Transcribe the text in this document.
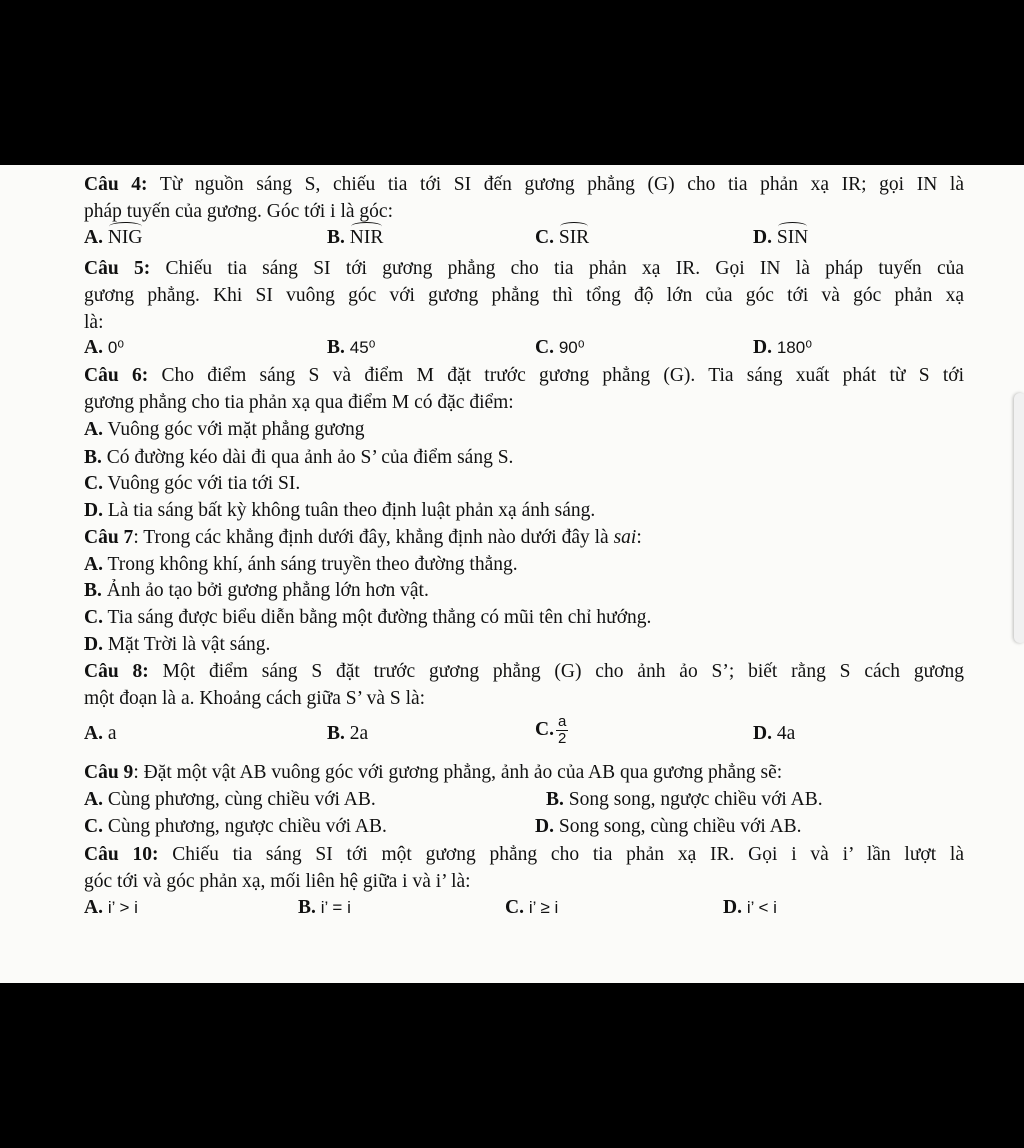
Câu 4: Từ nguồn sáng S, chiếu tia tới SI đến gương phẳng (G) cho tia phản xạ IR; gọi IN là
pháp tuyến của gương. Góc tới i là góc:
A. NIG	B. NIR	C. SIR	D. SIN
Câu 5: Chiếu tia sáng SI tới gương phẳng cho tia phản xạ IR. Gọi IN là pháp tuyến của
gương phẳng. Khi SI vuông góc với gương phẳng thì tổng độ lớn của góc tới và góc phản xạ
là:
A. 0⁰	B. 45⁰	C. 90⁰	D. 180⁰
Câu 6: Cho điểm sáng S và điểm M đặt trước gương phẳng (G). Tia sáng xuất phát từ S tới
gương phẳng cho tia phản xạ qua điểm M có đặc điểm:
A. Vuông góc với mặt phẳng gương
B. Có đường kéo dài đi qua ảnh ảo S’ của điểm sáng S.
C. Vuông góc với tia tới SI.
D. Là tia sáng bất kỳ không tuân theo định luật phản xạ ánh sáng.
Câu 7: Trong các khẳng định dưới đây, khẳng định nào dưới đây là sai:
A. Trong không khí, ánh sáng truyền theo đường thẳng.
B. Ảnh ảo tạo bởi gương phẳng lớn hơn vật.
C. Tia sáng được biểu diễn bằng một đường thẳng có mũi tên chỉ hướng.
D. Mặt Trời là vật sáng.
Câu 8: Một điểm sáng S đặt trước gương phẳng (G) cho ảnh ảo S’; biết rằng S cách gương
một đoạn là a. Khoảng cách giữa S’ và S là:
A. a	B. 2a	C. $\frac{a}{2}$	D. 4a
Câu 9: Đặt một vật AB vuông góc với gương phẳng, ảnh ảo của AB qua gương phẳng sẽ:
A. Cùng phương, cùng chiều với AB.	B. Song song, ngược chiều với AB.
C. Cùng phương, ngược chiều với AB.	D. Song song, cùng chiều với AB.
Câu 10: Chiếu tia sáng SI tới một gương phẳng cho tia phản xạ IR. Gọi i và i’ lần lượt là
góc tới và góc phản xạ, mối liên hệ giữa i và i’ là:
A. i’ > i	B. i’ = i	C. i’ ≥ i	D. i’ < i
